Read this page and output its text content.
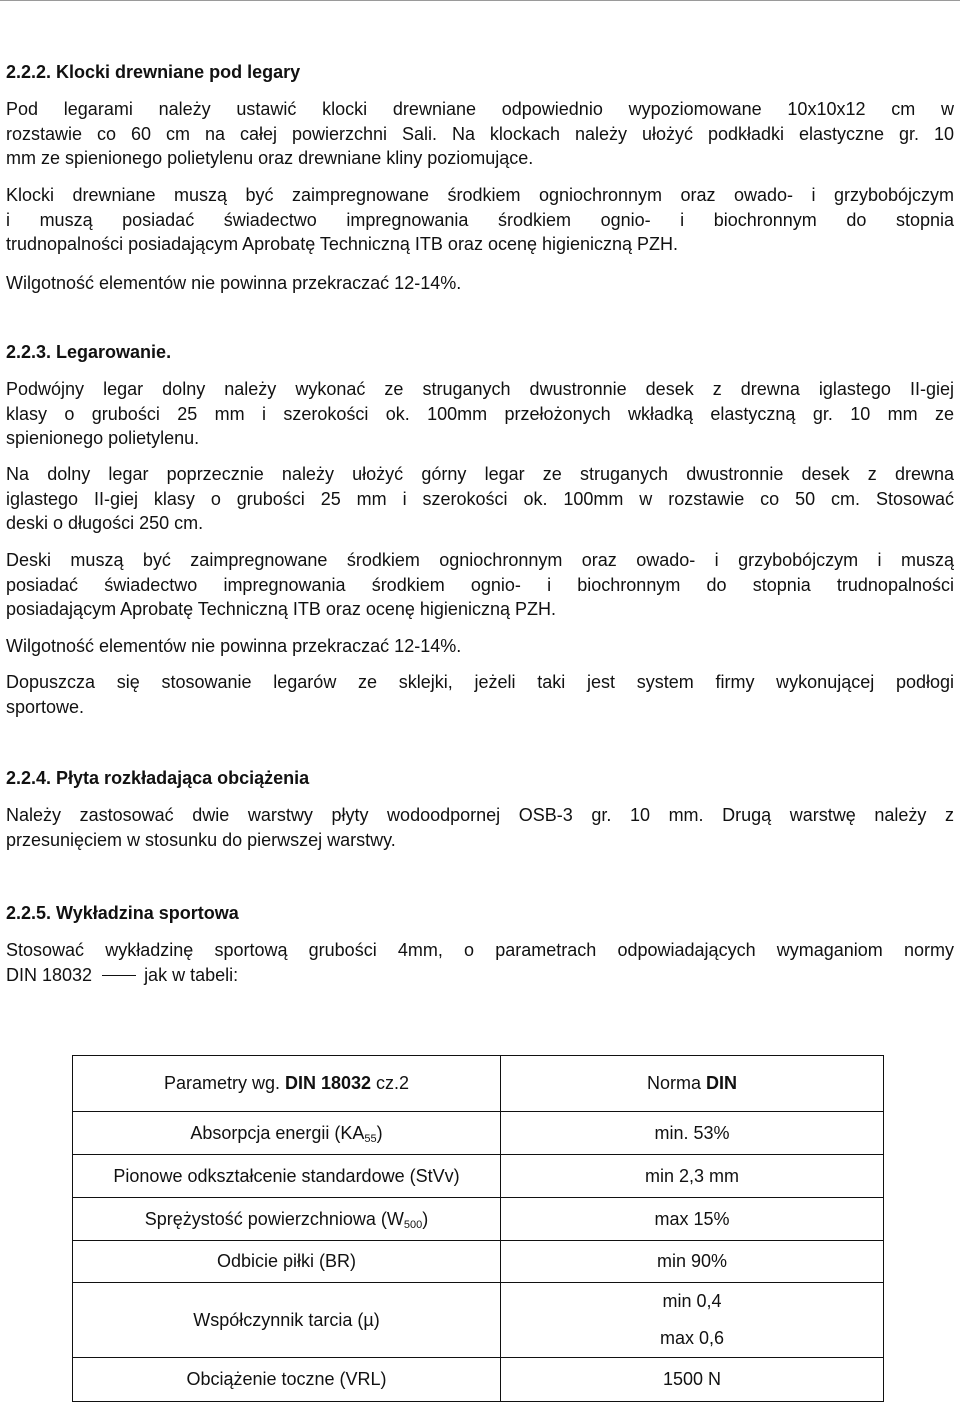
2.2.2. Klocki drewniane pod legary
Pod legarami należy ustawić klocki drewniane odpowiednio wypoziomowane 10x10x12 cm w
rozstawie co 60 cm na całej powierzchni Sali. Na klockach należy ułożyć podkładki elastyczne gr. 10
mm ze spienionego polietylenu oraz drewniane kliny poziomujące.
Klocki drewniane muszą być zaimpregnowane środkiem ogniochronnym oraz owado- i grzybobójczym
i muszą posiadać świadectwo impregnowania środkiem ognio- i biochronnym do stopnia
trudnopalności posiadającym Aprobatę Techniczną ITB oraz ocenę higieniczną PZH.
Wilgotność elementów nie powinna przekraczać 12-14%.
2.2.3. Legarowanie.
Podwójny legar dolny należy wykonać ze struganych dwustronnie desek z drewna iglastego II-giej
klasy o grubości 25 mm i szerokości ok. 100mm przełożonych wkładką elastyczną gr. 10 mm ze
spienionego polietylenu.
Na dolny legar poprzecznie należy ułożyć górny legar ze struganych dwustronnie desek z drewna
iglastego II-giej klasy o grubości 25 mm i szerokości ok. 100mm w rozstawie co 50 cm. Stosować
deski o długości 250 cm.
Deski muszą być zaimpregnowane środkiem ogniochronnym oraz owado- i grzybobójczym i muszą
posiadać świadectwo impregnowania środkiem ognio- i biochronnym do stopnia trudnopalności
posiadającym Aprobatę Techniczną ITB oraz ocenę higieniczną PZH.
Wilgotność elementów nie powinna przekraczać 12-14%.
Dopuszcza się stosowanie legarów ze sklejki, jeżeli taki jest system firmy wykonującej podłogi
sportowe.
2.2.4. Płyta rozkładająca obciążenia
Należy zastosować dwie warstwy płyty wodoodpornej OSB-3 gr. 10 mm. Drugą warstwę należy z
przesunięciem w stosunku do pierwszej warstwy.
2.2.5. Wykładzina sportowa
Stosować wykładzinę sportową grubości 4mm, o parametrach odpowiadających wymaganiom normy
DIN 18032	jak w tabeli:
Parametry wg. DIN 18032 cz.2	Norma DIN
Absorpcja energii $(KA_{55})$	min. 53%
Pionowe odkształcenie standardowe (StVv)	min 2,3 mm
Sprężystość powierzchniowa $(W_{500})$	max 15%
Odbicie piłki (BR)	min 90%
Współczynnik tarcia (µ)	min 0,4
max 0,6

Obciążenie toczne (VRL)	1500 N
